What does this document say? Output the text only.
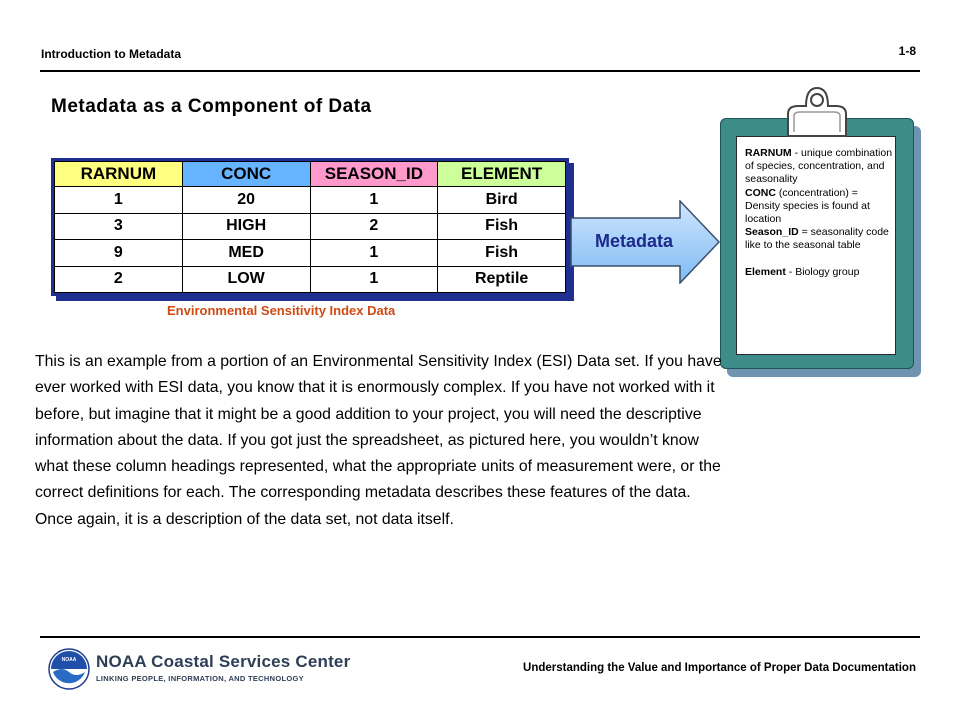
Introduction to Metadata	1-8
Metadata as a Component of Data
RARNUM	CONC	SEASON_ID	ELEMENT
1	20	1	Bird
3	HIGH	2	Fish
9	MED	1	Fish
2	LOW	1	Reptile
Environmental Sensitivity Index Data
Metadata
RARNUM - unique combination of species, concentration, and seasonality
CONC (concentration) = Density species is found at location
Season_ID = seasonality code like to the seasonal table

Element - Biology group
This is an example from a portion of an Environmental Sensitivity Index (ESI) Data set. If you have ever worked with ESI data, you know that it is enormously complex. If you have not worked with it before, but imagine that it might be a good addition to your project, you will need the descriptive information about the data. If you got just the spreadsheet, as pictured here, you wouldn’t know what these column headings represented, what the appropriate units of measurement were, or the correct definitions for each. The corresponding metadata describes these features of the data. Once again, it is a description of the data set, not data itself.
NOAA NOAA Coastal Services Center
LINKING PEOPLE, INFORMATION, AND TECHNOLOGY
Understanding the Value and Importance of Proper Data Documentation
